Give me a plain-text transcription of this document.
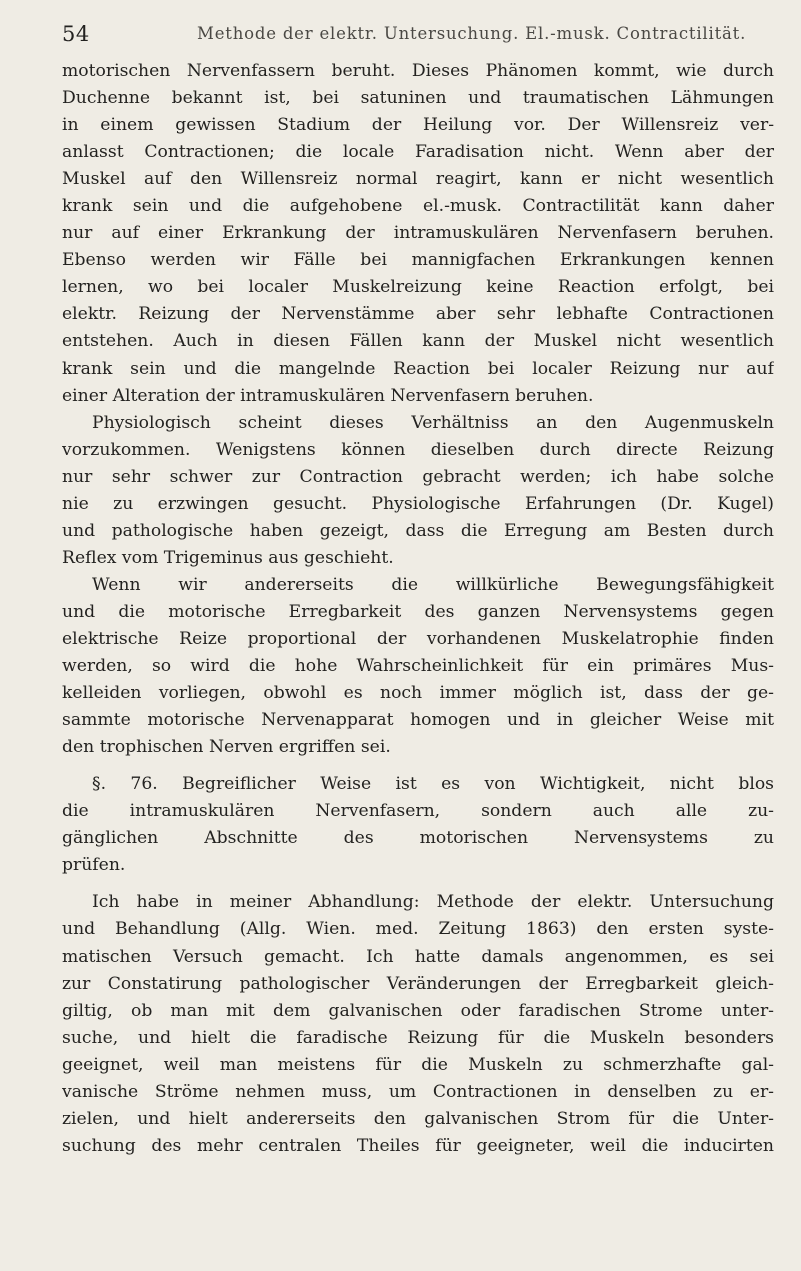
54	Methode der elektr. Untersuchung. El.-musk. Contractilität.
motorischen Nervenfassern beruht. Dieses Phänomen kommt, wie durch
Duchenne bekannt ist, bei satuninen und traumatischen Lähmungen
in einem gewissen Stadium der Heilung vor. Der Willensreiz ver-
anlasst Contractionen; die locale Faradisation nicht. Wenn aber der
Muskel auf den Willensreiz normal reagirt, kann er nicht wesentlich
krank sein und die aufgehobene el.-musk. Contractilität kann daher
nur auf einer Erkrankung der intramuskulären Nervenfasern beruhen.
Ebenso werden wir Fälle bei mannigfachen Erkrankungen kennen
lernen, wo bei localer Muskelreizung keine Reaction erfolgt, bei
elektr. Reizung der Nervenstämme aber sehr lebhafte Contractionen
entstehen. Auch in diesen Fällen kann der Muskel nicht wesentlich
krank sein und die mangelnde Reaction bei localer Reizung nur auf
einer Alteration der intramuskulären Nervenfasern beruhen.
Physiologisch scheint dieses Verhältniss an den Augenmuskeln
vorzukommen. Wenigstens können dieselben durch directe Reizung
nur sehr schwer zur Contraction gebracht werden; ich habe solche
nie zu erzwingen gesucht. Physiologische Erfahrungen (Dr. Kugel)
und pathologische haben gezeigt, dass die Erregung am Besten durch
Reflex vom Trigeminus aus geschieht.
Wenn wir andererseits die willkürliche Bewegungsfähigkeit
und die motorische Erregbarkeit des ganzen Nervensystems gegen
elektrische Reize proportional der vorhandenen Muskelatrophie finden
werden, so wird die hohe Wahrscheinlichkeit für ein primäres Mus-
kelleiden vorliegen, obwohl es noch immer möglich ist, dass der ge-
sammte motorische Nervenapparat homogen und in gleicher Weise mit
den trophischen Nerven ergriffen sei.
§. 76. Begreiflicher Weise ist es von Wichtigkeit, nicht blos
die intramuskulären Nervenfasern, sondern auch alle zu-
gänglichen Abschnitte des motorischen Nervensystems zu
prüfen.
Ich habe in meiner Abhandlung: Methode der elektr. Untersuchung
und Behandlung (Allg. Wien. med. Zeitung 1863) den ersten syste-
matischen Versuch gemacht. Ich hatte damals angenommen, es sei
zur Constatirung pathologischer Veränderungen der Erregbarkeit gleich-
giltig, ob man mit dem galvanischen oder faradischen Strome unter-
suche, und hielt die faradische Reizung für die Muskeln besonders
geeignet, weil man meistens für die Muskeln zu schmerzhafte gal-
vanische Ströme nehmen muss, um Contractionen in denselben zu er-
zielen, und hielt andererseits den galvanischen Strom für die Unter-
suchung des mehr centralen Theiles für geeigneter, weil die inducirten
